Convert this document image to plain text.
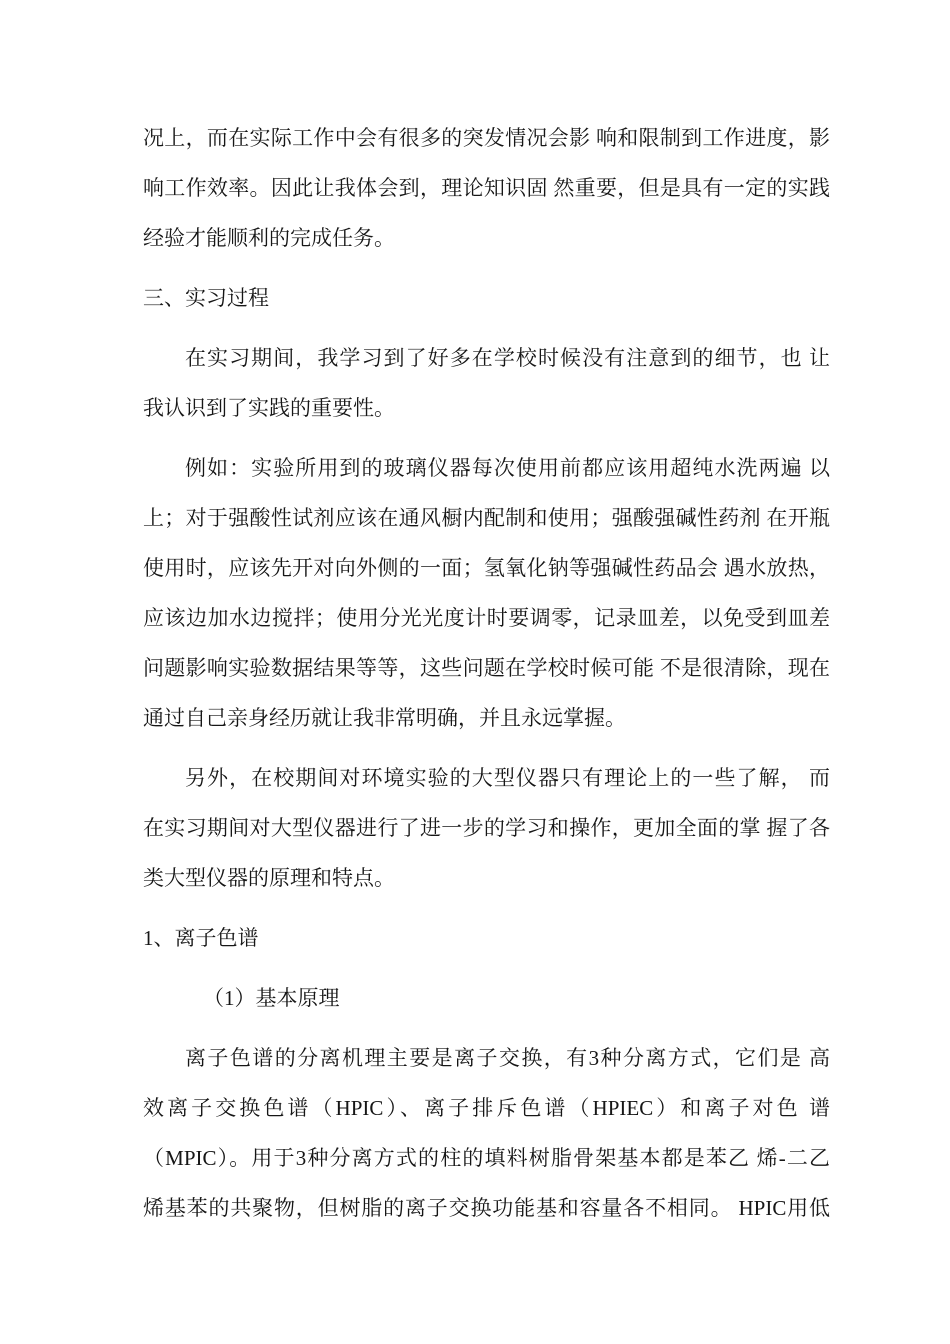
况上，而在实际工作中会有很多的突发情况会影 响和限制到工作进度，影
响工作效率。因此让我体会到，理论知识固 然重要，但是具有一定的实践
经验才能顺利的完成任务。
三、实习过程
在实习期间，我学习到了好多在学校时候没有注意到的细节，也 让
我认识到了实践的重要性。
例如：实验所用到的玻璃仪器每次使用前都应该用超纯水洗两遍 以
上；对于强酸性试剂应该在通风橱内配制和使用；强酸强碱性药剂 在开瓶
使用时，应该先开对向外侧的一面；氢氧化钠等强碱性药品会 遇水放热，
应该边加水边搅拌；使用分光光度计时要调零，记录皿差，以免受到皿差
问题影响实验数据结果等等，这些问题在学校时候可能 不是很清除，现在
通过自己亲身经历就让我非常明确，并且永远掌握。
另外，在校期间对环境实验的大型仪器只有理论上的一些了解， 而
在实习期间对大型仪器进行了进一步的学习和操作，更加全面的掌 握了各
类大型仪器的原理和特点。
1、离子色谱
（1）基本原理
离子色谱的分离机理主要是离子交换，有3种分离方式，它们是 高
效离子交换色谱（HPIC）、离子排斥色谱（HPIEC）和离子对色 谱
（MPIC）。用于3种分离方式的柱的填料树脂骨架基本都是苯乙 烯-二乙
烯基苯的共聚物，但树脂的离子交换功能基和容量各不相同。 HPIC用低
